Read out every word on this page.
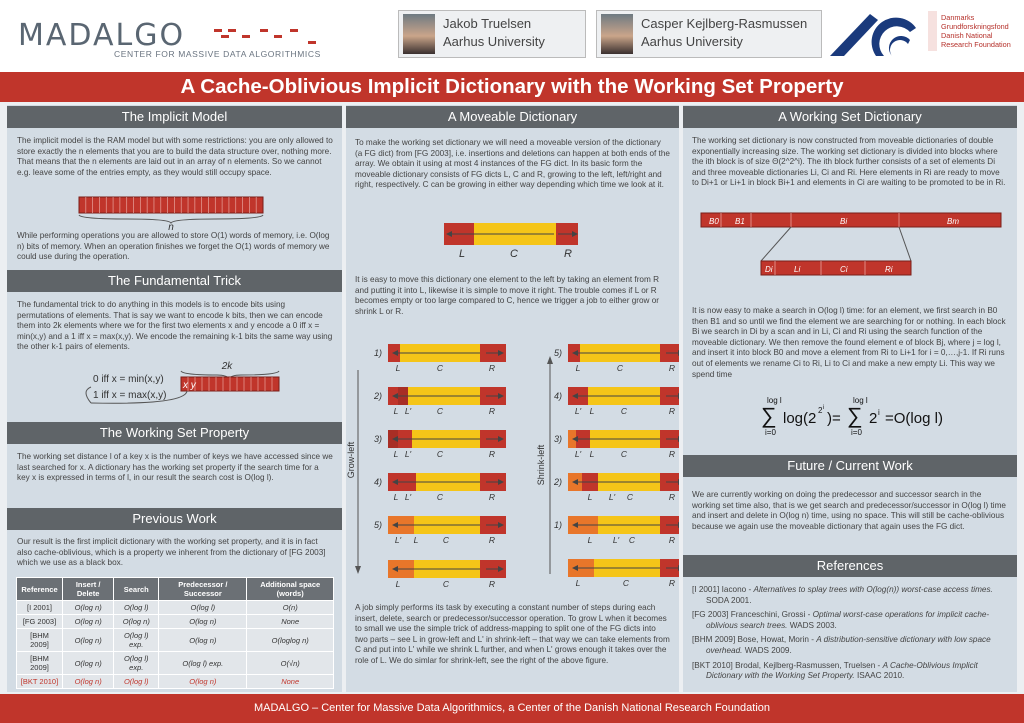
MADALGO
CENTER FOR MASSIVE DATA ALGORITHMICS
Jakob Truelsen
Aarhus University
Casper Kejlberg-Rasmussen
Aarhus University
Danmarks
Grundforskningsfond
Danish National
Research Foundation
A Cache-Oblivious Implicit Dictionary with the Working Set Property
The Implicit Model
The implicit model is the RAM model but with some restrictions: you are only allowed to store exactly the n elements that you are to build the data structure over, nothing more. That means that the n elements are laid out in an array of n elements. So we cannot e.g. leave some of the entries empty, as they would still occupy space.
n
While performing operations you are allowed to store O(1) words of memory, i.e. O(log n) bits of memory. When an operation finishes we forget the O(1) words of memory we could use during the operation.
The Fundamental Trick
The fundamental trick to do anything in this models is to encode bits using permutations of elements. That is say we want to encode k bits, then we can encode them into 2k elements where we for the first two elements x and y encode a 0 iff x = min(x,y) and a 1 iff x = max(x,y). We encode the remaining k-1 bits the same way using the other k-1 pairs of elements.
2k
x y
0 iff x = min(x,y)
1 iff x = max(x,y)
The Working Set Property
The working set distance l of a key x is the number of keys we have accessed since we last searched for x. A dictionary has the working set property if the search time for a key x is expressed in terms of l, in our result the search cost is O(log l).
Previous Work
Our result is the first implicit dictionary with the working set property, and it is in fact also cache-oblivious, which is a property we inherent from the dictionary of [FG 2003] which we use as a black box.
Reference	Insert / Delete	Search	Predecessor / Successor	Additional space (words)
[I 2001]	O(log n)	O(log l)	O(log l)	O(n)
[FG 2003]	O(log n)	O(log n)	O(log n)	None
[BHM 2009]	O(log n)	O(log l) exp.	O(log n)	O(loglog n)
[BHM 2009]	O(log n)	O(log l) exp.	O(log l) exp.	O(√n)
[BKT 2010]	O(log n)	O(log l)	O(log n)	None
A Moveable Dictionary
To make the working set dictionary we will need a moveable version of the dictionary (a FG dict) from [FG 2003], i.e. insertions and deletions can happen at both ends of the array. We obtain it using at most 4 instances of the FG dict. In its basic form the moveable dictionary consists of FG dicts L, C and R, growing to the left, left/right and right, respectively. C can be growing in either way depending which time we look at it.
L	C	R
It is easy to move this dictionary one element to the left by taking an element from R and putting it into L, likewise it is simple to move it right. The trouble comes if L or R becomes empty or too large compared to C, hence we trigger a job to either grow or shrink L or R.
Grow-left	Shrink-left
1)
L	C	R
2)
L L'	C	R
3)
L L'	C	R
4)
L L'	C	R
5)
L' L	C	R
L	C	R
5)
L	C	R
4)
L' L	C	R
3)
L' L	C	R
2)
L L' C	R
1)
L L' C	R
L	C	R
A job simply performs its task by executing a constant number of steps during each insert, delete, search or predecessor/successor operation. To grow L when it becomes to small we use the simple trick of address-mapping to split one of the FG dicts into two parts – see L in grow-left and L' in shrink-left – that way we can take elements from C and put into L' while we shrink L further, and when L' grows enough it takes over the role of L. We do simlar for shrink-left, see the right of the above figure.
A Working Set Dictionary
The working set dictionary is now constructed from moveable dictionaries of double exponentially increasing size. The working set dictionary is divided into blocks where the ith block is of size Θ(2^2^i). The ith block further consists of a set of elements Di and three moveable dictionaries Li, Ci and Ri. Here elements in Ri are ready to move to Di+1 or Li+1 in block Bi+1 and elements in Ci are waiting to be promoted to be in Ri.
B0 B1	Bi	Bm
Di	Li	Ci	Ri
It is now easy to make a search in O(log l) time: for an element, we first search in B0 then B1 and so until we find the element we are searching for or nothing. In each block Bi we search in Di by a scan and in Li, Ci and Ri using the search function of the moveable dictionary. We then remove the found element e of block Bj, where j = log l, and insert it into block B0 and move a element from Ri to Li+1 for i = 0,…,j-1. If Ri runs out of elements we rename Ci to Ri, Li to Ci and make a new empty Li. This way we spend time
log l
∑
i=0
log(2 2 i
)=
log l
∑
i=0
2 i =O(log l)
Future / Current Work
We are currently working on doing the predecessor and successor search in the working set time also, that is we get search and predecessor/successor in O(log l) time and insert and delete in O(log n) time, using no space. This will still be cache-oblivious because we again use the moveable dictionary that again uses the FG dict.
References
[I 2001] Iacono - Alternatives to splay trees with O(log(n)) worst-case access times. SODA 2001.
[FG 2003] Franceschini, Grossi - Optimal worst-case operations for implicit cache-oblivious search trees. WADS 2003.
[BHM 2009] Bose, Howat, Morin - A distribution-sensitive dictionary with low space overhead. WADS 2009.
[BKT 2010] Brodal, Kejlberg-Rasmussen, Truelsen - A Cache-Oblivious Implicit Dictionary with the Working Set Property. ISAAC 2010.
MADALGO – Center for Massive Data Algorithmics, a Center of the Danish National Research Foundation
